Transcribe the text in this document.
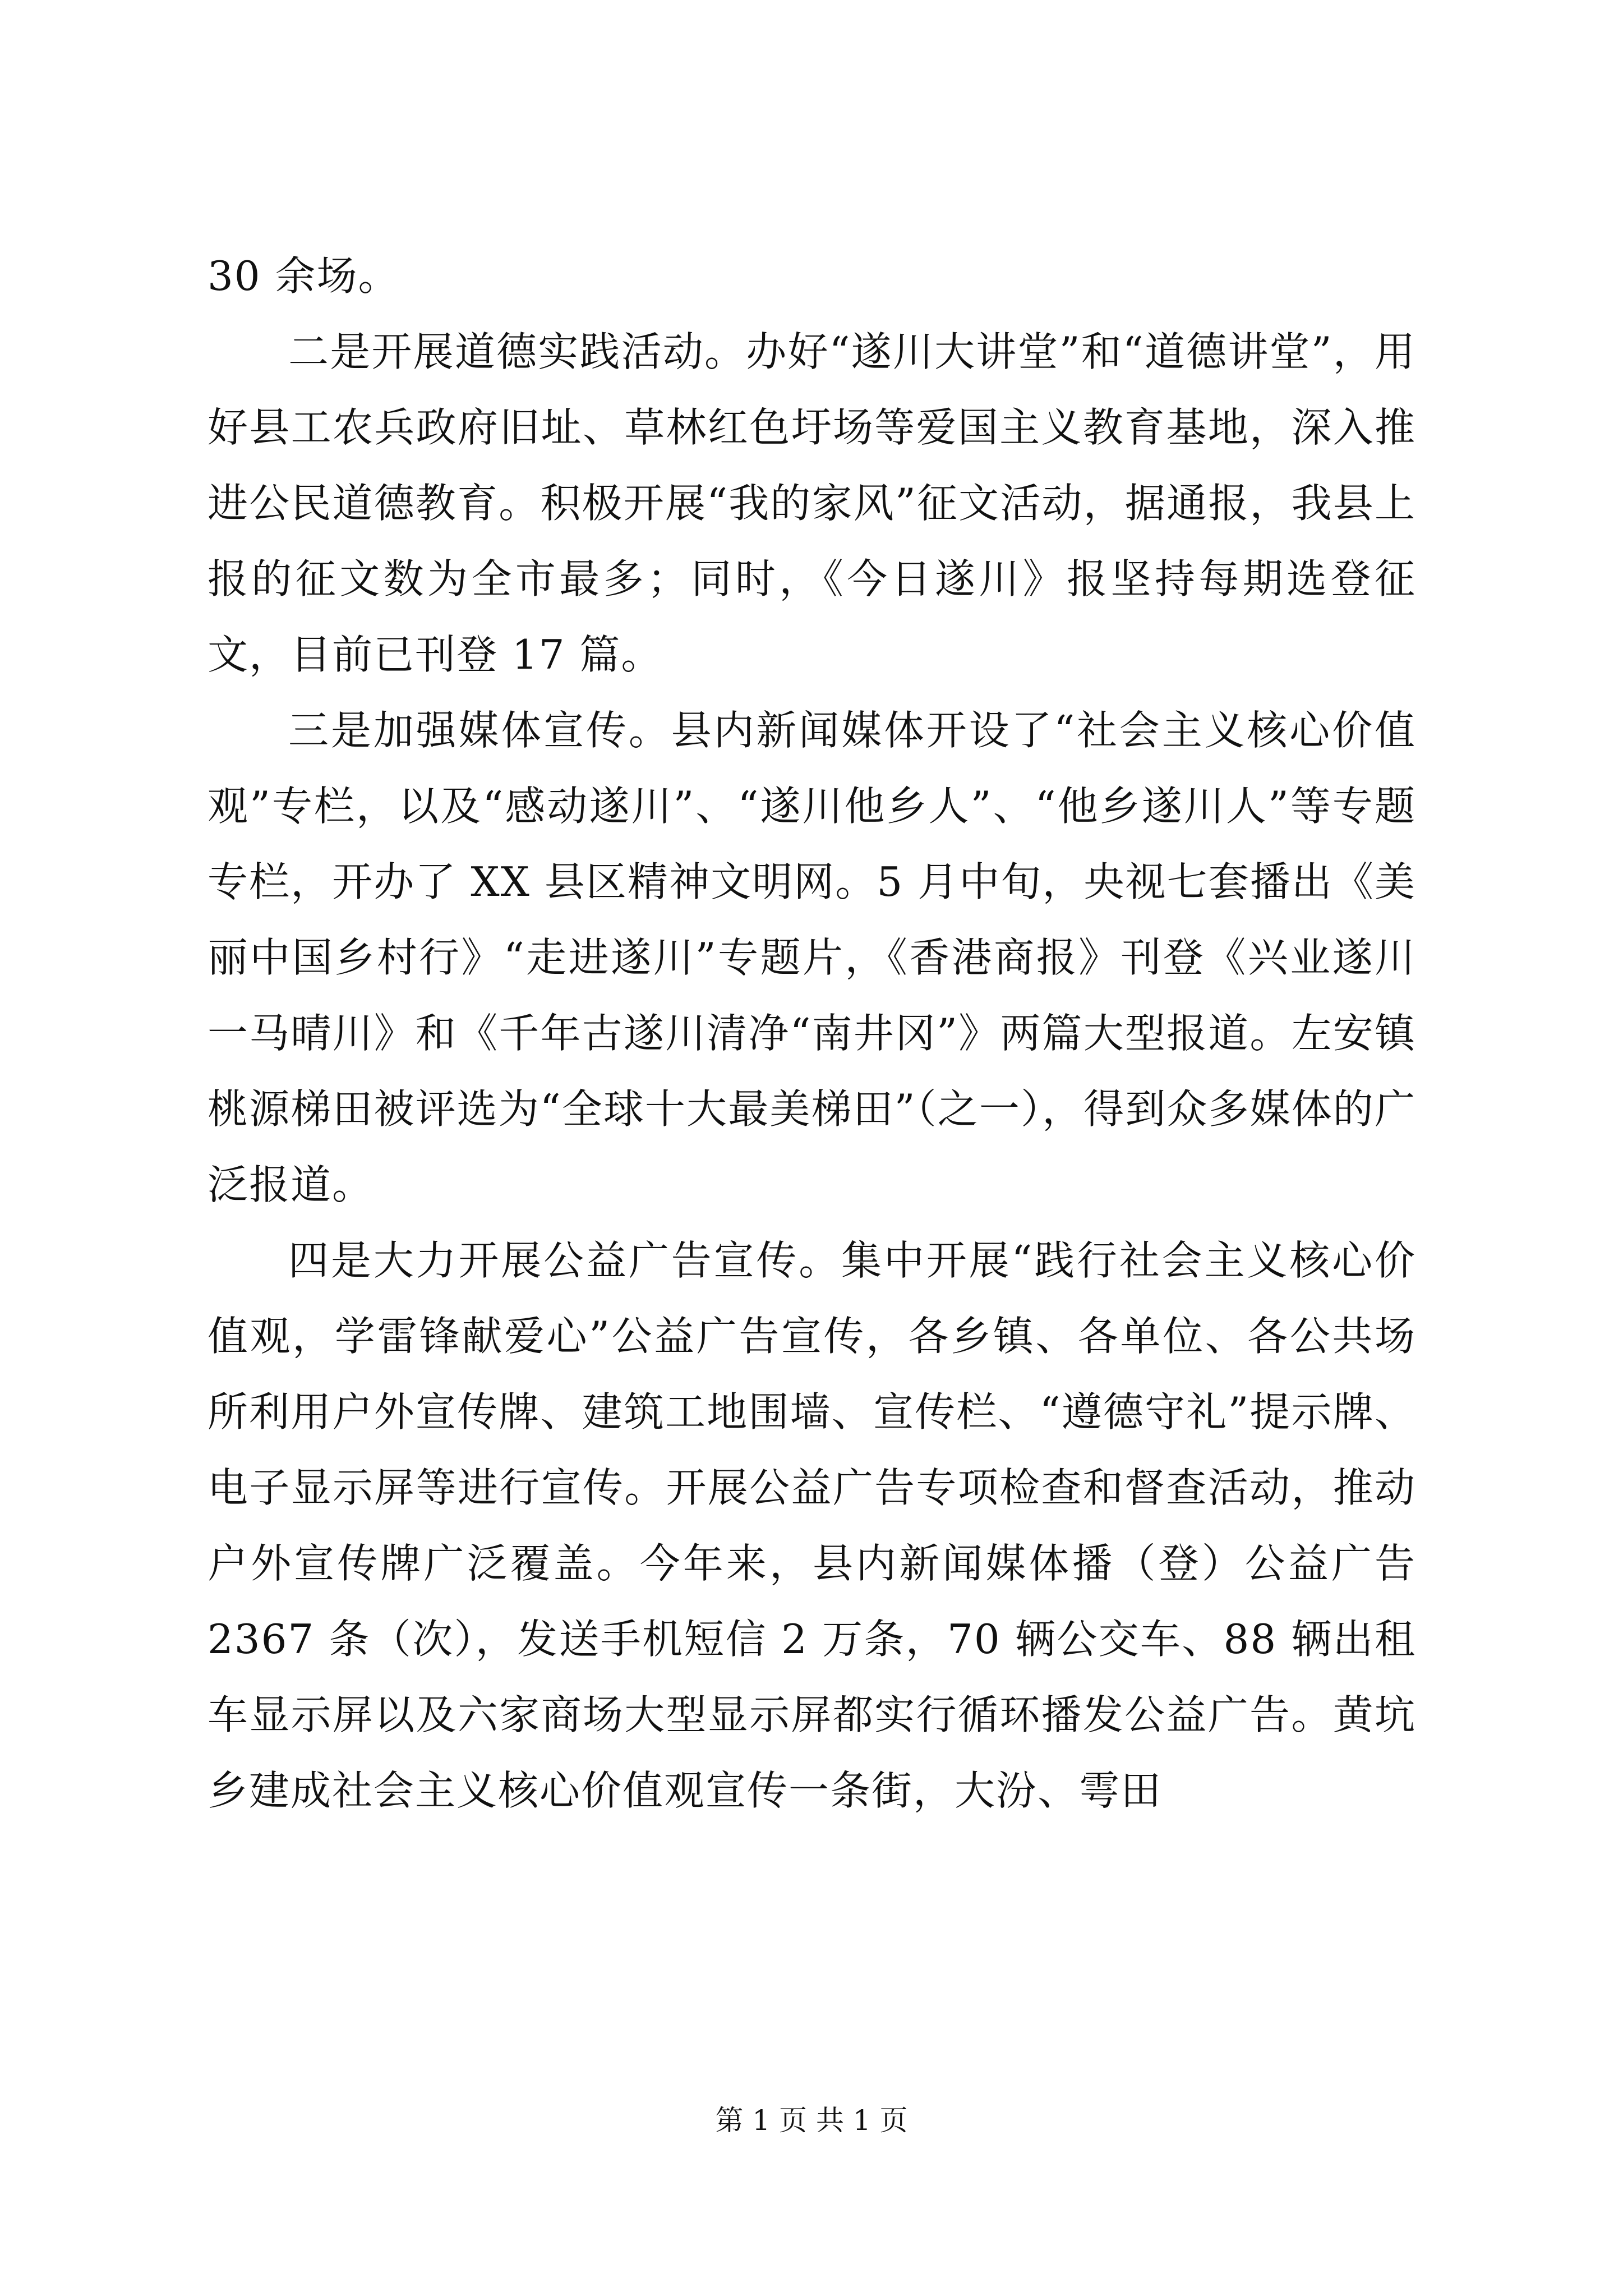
30 余场。

二是开展道德实践活动。办好“遂川大讲堂”和“道德讲堂”，用好县工农兵政府旧址、草林红色圩场等爱国主义教育基地，深入推进公民道德教育。积极开展“我的家风”征文活动，据通报，我县上报的征文数为全市最多；同时，《今日遂川》报坚持每期选登征文，目前已刊登 17 篇。

三是加强媒体宣传。县内新闻媒体开设了“社会主义核心价值观”专栏，以及“感动遂川”、“遂川他乡人”、“他乡遂川人”等专题专栏，开办了 XX 县区精神文明网。5 月中旬，央视七套播出《美丽中国乡村行》“走进遂川”专题片，《香港商报》刊登《兴业遂川一马晴川》和《千年古遂川清净“南井冈”》两篇大型报道。左安镇桃源梯田被评选为“全球十大最美梯田”（之一），得到众多媒体的广泛报道。

四是大力开展公益广告宣传。集中开展“践行社会主义核心价值观，学雷锋献爱心”公益广告宣传，各乡镇、各单位、各公共场所利用户外宣传牌、建筑工地围墙、宣传栏、“遵德守礼”提示牌、电子显示屏等进行宣传。开展公益广告专项检查和督查活动，推动户外宣传牌广泛覆盖。今年来，县内新闻媒体播（登）公益广告 2367 条（次），发送手机短信 2 万条，70 辆公交车、88 辆出租车显示屏以及六家商场大型显示屏都实行循环播发公益广告。黄坑乡建成社会主义核心价值观宣传一条街，大汾、雩田

第 1 页 共 1 页
